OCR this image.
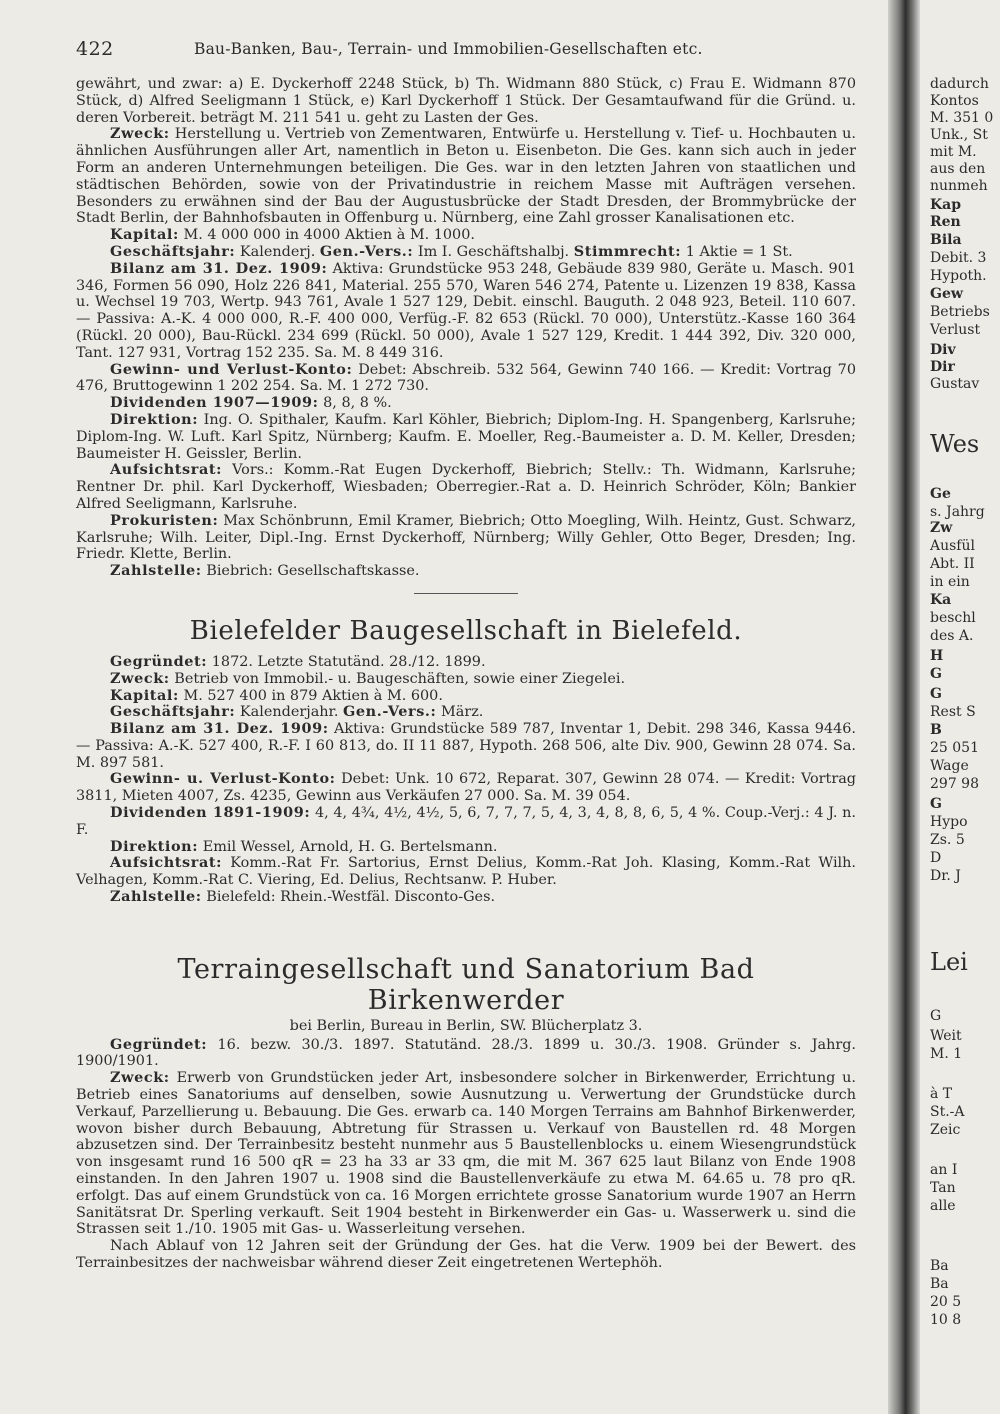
422	Bau-Banken, Bau-, Terrain- und Immobilien-Gesellschaften etc.

gewährt, und zwar: a) E. Dyckerhoff 2248 Stück, b) Th. Widmann 880 Stück, c) Frau E. Widmann 870 Stück, d) Alfred Seeligmann 1 Stück, e) Karl Dyckerhoff 1 Stück. Der Gesamtaufwand für die Gründ. u. deren Vorbereit. beträgt M. 211 541 u. geht zu Lasten der Ges.

Zweck: Herstellung u. Vertrieb von Zementwaren, Entwürfe u. Herstellung v. Tief- u. Hochbauten u. ähnlichen Ausführungen aller Art, namentlich in Beton u. Eisenbeton. Die Ges. kann sich auch in jeder Form an anderen Unternehmungen beteiligen. Die Ges. war in den letzten Jahren von staatlichen und städtischen Behörden, sowie von der Privatindustrie in reichem Masse mit Aufträgen versehen. Besonders zu erwähnen sind der Bau der Augustusbrücke der Stadt Dresden, der Brommybrücke der Stadt Berlin, der Bahnhofsbauten in Offenburg u. Nürnberg, eine Zahl grosser Kanalisationen etc.

Kapital: M. 4 000 000 in 4000 Aktien à M. 1000.

Geschäftsjahr: Kalenderj. Gen.-Vers.: Im I. Geschäftshalbj. Stimmrecht: 1 Aktie = 1 St.

Bilanz am 31. Dez. 1909: Aktiva: Grundstücke 953 248, Gebäude 839 980, Geräte u. Masch. 901 346, Formen 56 090, Holz 226 841, Material. 255 570, Waren 546 274, Patente u. Lizenzen 19 838, Kassa u. Wechsel 19 703, Wertp. 943 761, Avale 1 527 129, Debit. einschl. Bauguth. 2 048 923, Beteil. 110 607. — Passiva: A.-K. 4 000 000, R.-F. 400 000, Verfüg.-F. 82 653 (Rückl. 70 000), Unterstütz.-Kasse 160 364 (Rückl. 20 000), Bau-Rückl. 234 699 (Rückl. 50 000), Avale 1 527 129, Kredit. 1 444 392, Div. 320 000, Tant. 127 931, Vortrag 152 235. Sa. M. 8 449 316.

Gewinn- und Verlust-Konto: Debet: Abschreib. 532 564, Gewinn 740 166. — Kredit: Vortrag 70 476, Bruttogewinn 1 202 254. Sa. M. 1 272 730.

Dividenden 1907—1909: 8, 8, 8 %.

Direktion: Ing. O. Spithaler, Kaufm. Karl Köhler, Biebrich; Diplom-Ing. H. Spangenberg, Karlsruhe; Diplom-Ing. W. Luft. Karl Spitz, Nürnberg; Kaufm. E. Moeller, Reg.-Baumeister a. D. M. Keller, Dresden; Baumeister H. Geissler, Berlin.

Aufsichtsrat: Vors.: Komm.-Rat Eugen Dyckerhoff, Biebrich; Stellv.: Th. Widmann, Karlsruhe; Rentner Dr. phil. Karl Dyckerhoff, Wiesbaden; Oberregier.-Rat a. D. Heinrich Schröder, Köln; Bankier Alfred Seeligmann, Karlsruhe.

Prokuristen: Max Schönbrunn, Emil Kramer, Biebrich; Otto Moegling, Wilh. Heintz, Gust. Schwarz, Karlsruhe; Wilh. Leiter, Dipl.-Ing. Ernst Dyckerhoff, Nürnberg; Willy Gehler, Otto Beger, Dresden; Ing. Friedr. Klette, Berlin.

Zahlstelle: Biebrich: Gesellschaftskasse.

Bielefelder Baugesellschaft in Bielefeld.

Gegründet: 1872. Letzte Statutänd. 28./12. 1899.

Zweck: Betrieb von Immobil.- u. Baugeschäften, sowie einer Ziegelei.

Kapital: M. 527 400 in 879 Aktien à M. 600.

Geschäftsjahr: Kalenderjahr. Gen.-Vers.: März.

Bilanz am 31. Dez. 1909: Aktiva: Grundstücke 589 787, Inventar 1, Debit. 298 346, Kassa 9446. — Passiva: A.-K. 527 400, R.-F. I 60 813, do. II 11 887, Hypoth. 268 506, alte Div. 900, Gewinn 28 074. Sa. M. 897 581.

Gewinn- u. Verlust-Konto: Debet: Unk. 10 672, Reparat. 307, Gewinn 28 074. — Kredit: Vortrag 3811, Mieten 4007, Zs. 4235, Gewinn aus Verkäufen 27 000. Sa. M. 39 054.

Dividenden 1891-1909: 4, 4, 4¾, 4½, 4½, 5, 6, 7, 7, 7, 5, 4, 3, 4, 8, 8, 6, 5, 4 %. Coup.-Verj.: 4 J. n. F.

Direktion: Emil Wessel, Arnold, H. G. Bertelsmann.

Aufsichtsrat: Komm.-Rat Fr. Sartorius, Ernst Delius, Komm.-Rat Joh. Klasing, Komm.-Rat Wilh. Velhagen, Komm.-Rat C. Viering, Ed. Delius, Rechtsanw. P. Huber.

Zahlstelle: Bielefeld: Rhein.-Westfäl. Disconto-Ges.

Terraingesellschaft und Sanatorium Bad Birkenwerder
bei Berlin, Bureau in Berlin, SW. Blücherplatz 3.

Gegründet: 16. bezw. 30./3. 1897. Statutänd. 28./3. 1899 u. 30./3. 1908. Gründer s. Jahrg. 1900/1901.

Zweck: Erwerb von Grundstücken jeder Art, insbesondere solcher in Birkenwerder, Errichtung u. Betrieb eines Sanatoriums auf denselben, sowie Ausnutzung u. Verwertung der Grundstücke durch Verkauf, Parzellierung u. Bebauung. Die Ges. erwarb ca. 140 Morgen Terrains am Bahnhof Birkenwerder, wovon bisher durch Bebauung, Abtretung für Strassen u. Verkauf von Baustellen rd. 48 Morgen abzusetzen sind. Der Terrainbesitz besteht nunmehr aus 5 Baustellenblocks u. einem Wiesengrundstück von insgesamt rund 16 500 qR = 23 ha 33 ar 33 qm, die mit M. 367 625 laut Bilanz von Ende 1908 einstanden. In den Jahren 1907 u. 1908 sind die Baustellenverkäufe zu etwa M. 64.65 u. 78 pro qR. erfolgt. Das auf einem Grundstück von ca. 16 Morgen errichtete grosse Sanatorium wurde 1907 an Herrn Sanitätsrat Dr. Sperling verkauft. Seit 1904 besteht in Birkenwerder ein Gas- u. Wasserwerk u. sind die Strassen seit 1./10. 1905 mit Gas- u. Wasserleitung versehen.

Nach Ablauf von 12 Jahren seit der Gründung der Ges. hat die Verw. 1909 bei der Bewert. des Terrainbesitzes der nachweisbar während dieser Zeit eingetretenen Wertерhöh.

dadurch
Kontos
M. 351 0
Unk., St
mit M.
aus den
nunmeh
Kap
Ren
Bila
Debit. 3
Hypoth.
Gew
Betriebs
Verlust
Div
Dir
Gustav
Wes
Ge
s. Jahrg
Zw
Ausfül
Abt. II
in ein
Ka
beschl
des A.
H
G
G
Rest S
B
25 051
Wage
297 98
G
Hypo
Zs. 5
D
Dr. J
Lei
G
Weit
M. 1
à T
St.-A
Zeic
an I
Tan
alle
Ba
Ba
20 5
10 8
